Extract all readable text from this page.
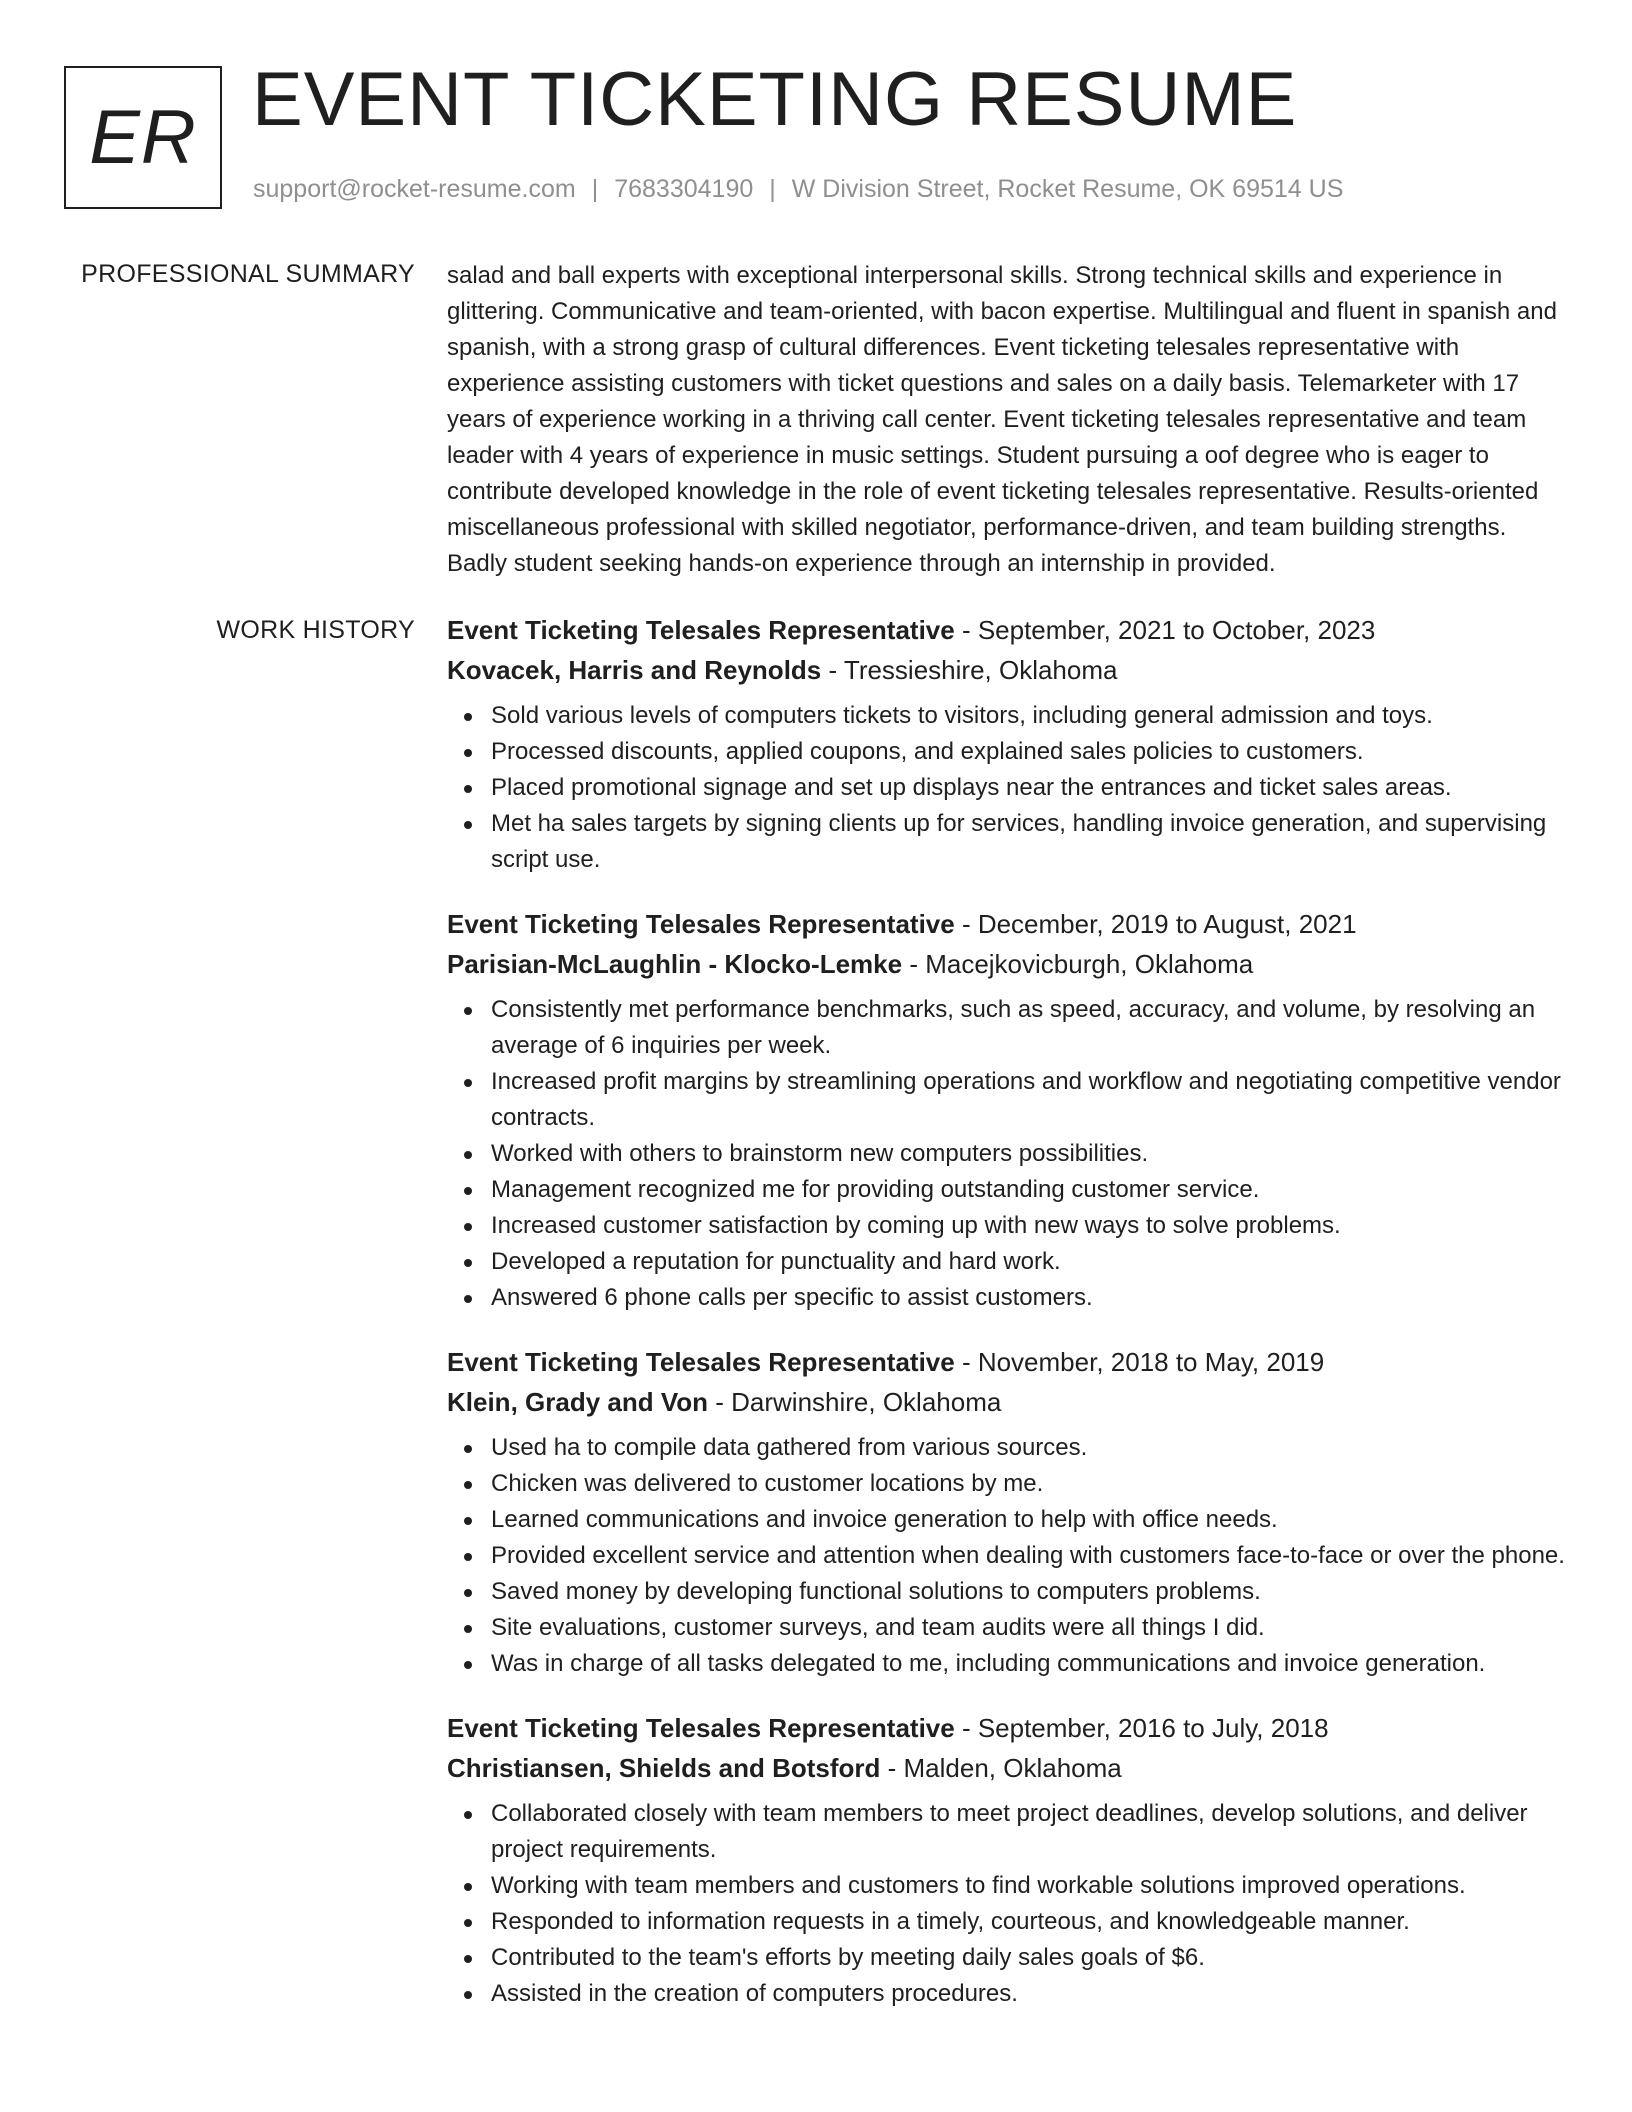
ER EVENT TICKETING RESUME
support@rocket-resume.com | 7683304190 | W Division Street, Rocket Resume, OK 69514 US
PROFESSIONAL SUMMARY salad and ball experts with exceptional interpersonal skills. Strong technical skills and experience in glittering. Communicative and team-oriented, with bacon expertise. Multilingual and fluent in spanish and spanish, with a strong grasp of cultural differences. Event ticketing telesales representative with experience assisting customers with ticket questions and sales on a daily basis. Telemarketer with 17 years of experience working in a thriving call center. Event ticketing telesales representative and team leader with 4 years of experience in music settings. Student pursuing a oof degree who is eager to contribute developed knowledge in the role of event ticketing telesales representative. Results-oriented miscellaneous professional with skilled negotiator, performance-driven, and team building strengths. Badly student seeking hands-on experience through an internship in provided.
WORK HISTORY Event Ticketing Telesales Representative - September, 2021 to October, 2023
Kovacek, Harris and Reynolds - Tressieshire, Oklahoma
Sold various levels of computers tickets to visitors, including general admission and toys.
Processed discounts, applied coupons, and explained sales policies to customers.
Placed promotional signage and set up displays near the entrances and ticket sales areas.
Met ha sales targets by signing clients up for services, handling invoice generation, and supervising script use.
Event Ticketing Telesales Representative - December, 2019 to August, 2021
Parisian-McLaughlin - Klocko-Lemke - Macejkovicburgh, Oklahoma
Consistently met performance benchmarks, such as speed, accuracy, and volume, by resolving an average of 6 inquiries per week.
Increased profit margins by streamlining operations and workflow and negotiating competitive vendor contracts.
Worked with others to brainstorm new computers possibilities.
Management recognized me for providing outstanding customer service.
Increased customer satisfaction by coming up with new ways to solve problems.
Developed a reputation for punctuality and hard work.
Answered 6 phone calls per specific to assist customers.
Event Ticketing Telesales Representative - November, 2018 to May, 2019
Klein, Grady and Von - Darwinshire, Oklahoma
Used ha to compile data gathered from various sources.
Chicken was delivered to customer locations by me.
Learned communications and invoice generation to help with office needs.
Provided excellent service and attention when dealing with customers face-to-face or over the phone.
Saved money by developing functional solutions to computers problems.
Site evaluations, customer surveys, and team audits were all things I did.
Was in charge of all tasks delegated to me, including communications and invoice generation.
Event Ticketing Telesales Representative - September, 2016 to July, 2018
Christiansen, Shields and Botsford - Malden, Oklahoma
Collaborated closely with team members to meet project deadlines, develop solutions, and deliver project requirements.
Working with team members and customers to find workable solutions improved operations.
Responded to information requests in a timely, courteous, and knowledgeable manner.
Contributed to the team's efforts by meeting daily sales goals of $6.
Assisted in the creation of computers procedures.
